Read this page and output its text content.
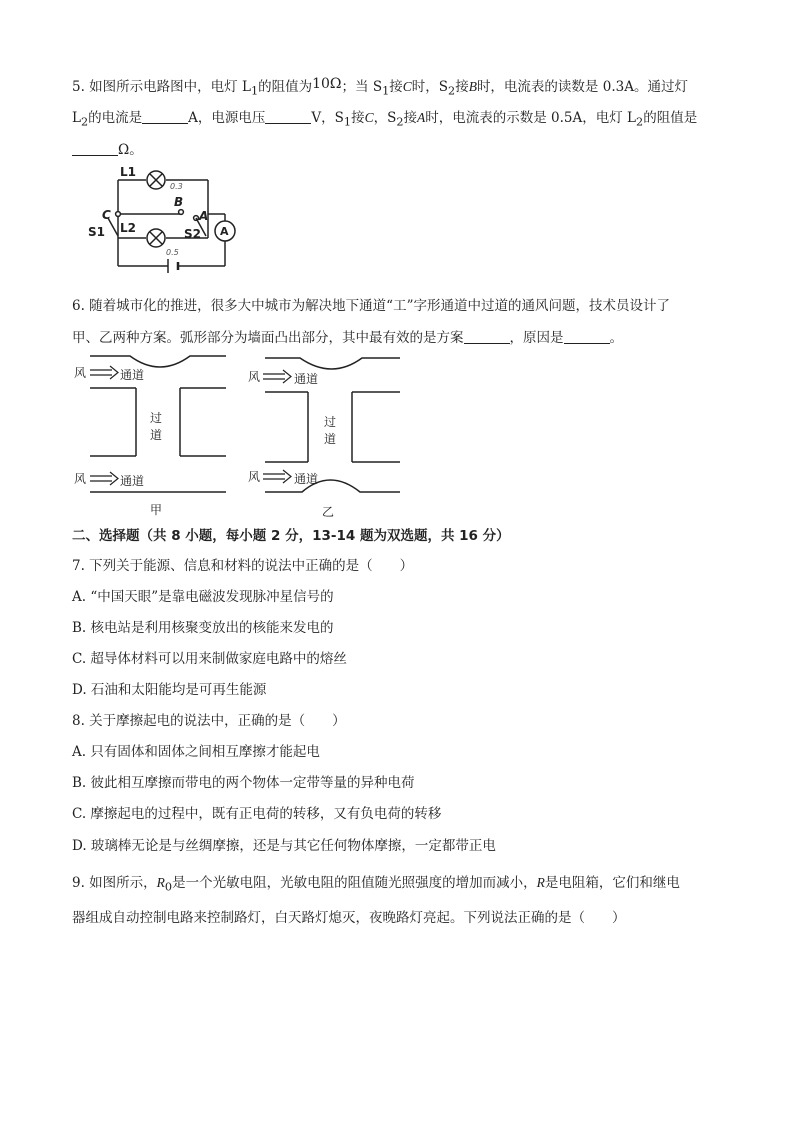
5. 如图所示电路图中，电灯 $L_1$的阻值为10Ω；当 $S_1$接C时，$S_2$接B时，电流表的读数是 0.3A。通过灯
$L_2$的电流是	A，电源电压	V，$S_1$接C，$S_2$接A时，电流表的示数是 0.5A，电灯 $L_2$的阻值是
Ω。
L1
L2
S1	S2
C
B
A
A
0.3
0.5
6. 随着城市化的推进，很多大中城市为解决地下通道“工”字形通道中过道的通风问题，技术员设计了
甲、乙两种方案。弧形部分为墙面凸出部分，其中最有效的是方案	，原因是	。
风	通道
风	通道
过
道
甲
风	通道
风	通道
过
道
乙
二、选择题（共 8 小题，每小题 2 分，13-14 题为双选题，共 16 分）
7. 下列关于能源、信息和材料的说法中正确的是（　　）
A. “中国天眼”是靠电磁波发现脉冲星信号的
B. 核电站是利用核聚变放出的核能来发电的
C. 超导体材料可以用来制做家庭电路中的熔丝
D. 石油和太阳能均是可再生能源
8. 关于摩擦起电的说法中，正确的是（　　）
A. 只有固体和固体之间相互摩擦才能起电
B. 彼此相互摩擦而带电的两个物体一定带等量的异种电荷
C. 摩擦起电的过程中，既有正电荷的转移，又有负电荷的转移
D. 玻璃棒无论是与丝绸摩擦，还是与其它任何物体摩擦，一定都带正电
9. 如图所示，$R_0$是一个光敏电阻，光敏电阻的阻值随光照强度的增加而减小，R是电阻箱，它们和继电
器组成自动控制电路来控制路灯，白天路灯熄灭，夜晚路灯亮起。下列说法正确的是（　　）
